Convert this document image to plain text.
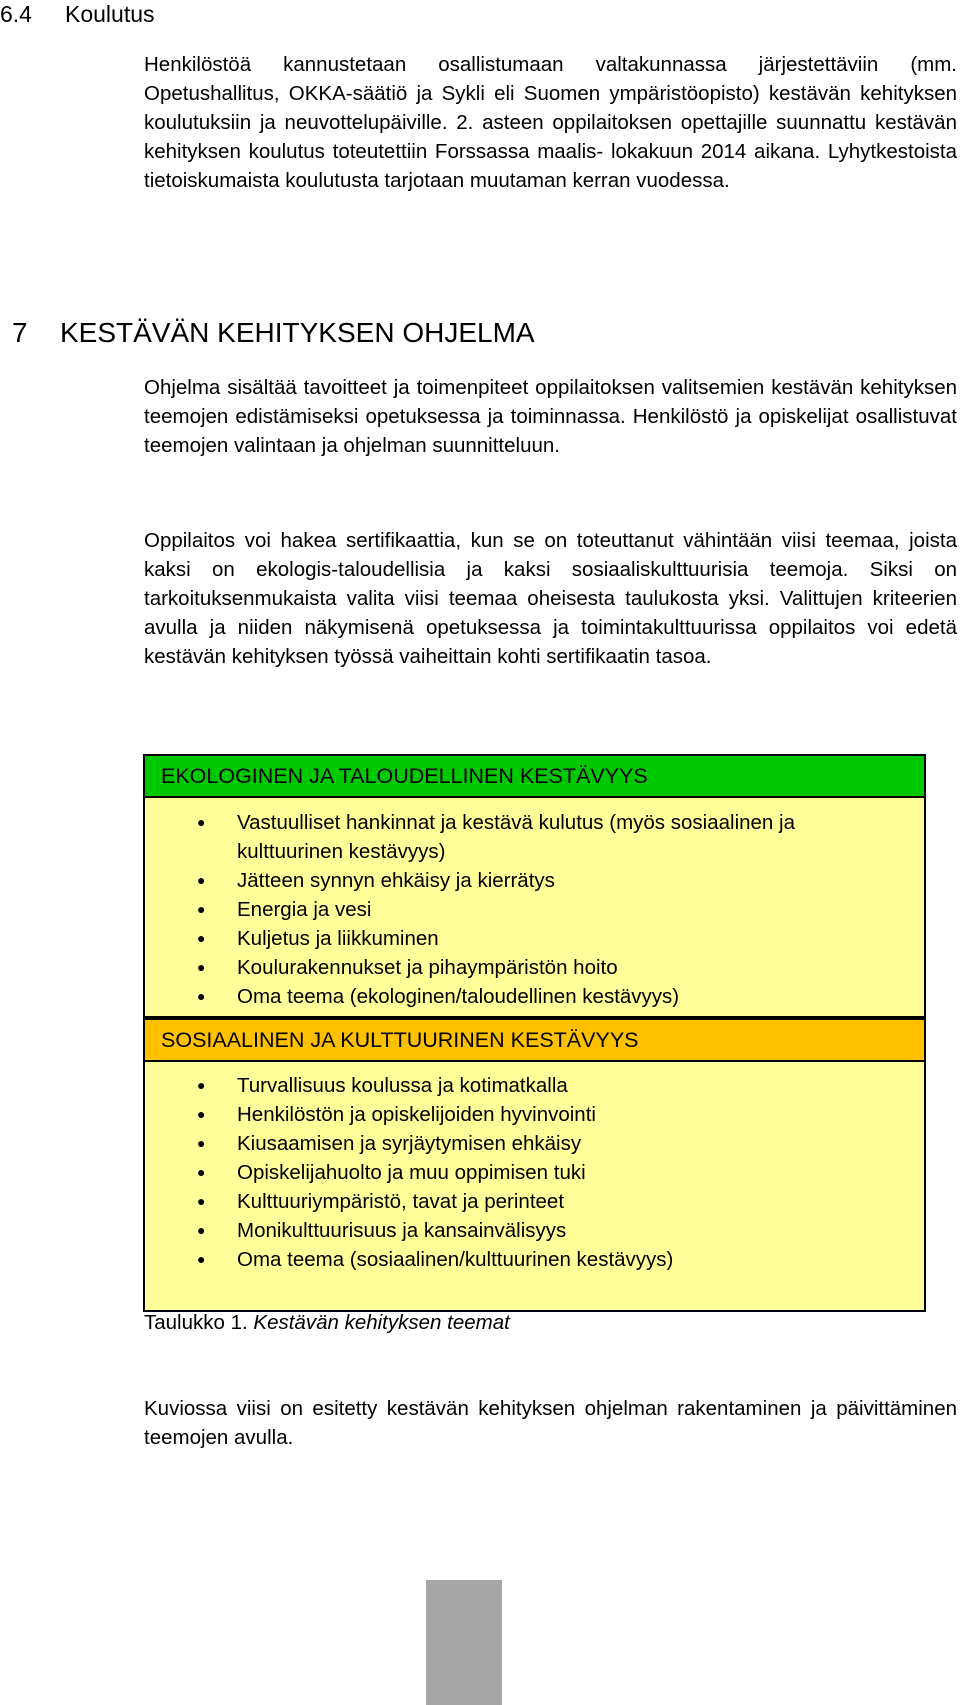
6.4 Koulutus

Henkilöstöä kannustetaan osallistumaan valtakunnassa järjestettäviin (mm. Opetushallitus, OKKA-säätiö ja Sykli eli Suomen ympäristöopisto) kestävän kehityksen koulutuksiin ja neuvottelupäiville. 2. asteen oppilaitoksen opettajille suunnattu kestävän kehityksen koulutus toteutettiin Forssassa maalis- lokakuun 2014 aikana. Lyhytkestoista tietoiskumaista koulutusta tarjotaan muutaman kerran vuodessa.

7 KESTÄVÄN KEHITYKSEN OHJELMA

Ohjelma sisältää tavoitteet ja toimenpiteet oppilaitoksen valitsemien kestävän kehityksen teemojen edistämiseksi opetuksessa ja toiminnassa. Henkilöstö ja opiskelijat osallistuvat teemojen valintaan ja ohjelman suunnitteluun.

Oppilaitos voi hakea sertifikaattia, kun se on toteuttanut vähintään viisi teemaa, joista kaksi on ekologis-taloudellisia ja kaksi sosiaaliskulttuurisia teemoja. Siksi on tarkoituksenmukaista valita viisi teemaa oheisesta taulukosta yksi. Valittujen kriteerien avulla ja niiden näkymisenä opetuksessa ja toimintakulttuurissa oppilaitos voi edetä kestävän kehityksen työssä vaiheittain kohti sertifikaatin tasoa.

EKOLOGINEN JA TALOUDELLINEN KESTÄVYYS
● Vastuulliset hankinnat ja kestävä kulutus (myös sosiaalinen ja kulttuurinen kestävyys)
● Jätteen synnyn ehkäisy ja kierrätys
● Energia ja vesi
● Kuljetus ja liikkuminen
● Koulurakennukset ja pihaympäristön hoito
● Oma teema (ekologinen/taloudellinen kestävyys)
SOSIAALINEN JA KULTTUURINEN KESTÄVYYS
● Turvallisuus koulussa ja kotimatkalla
● Henkilöstön ja opiskelijoiden hyvinvointi
● Kiusaamisen ja syrjäytymisen ehkäisy
● Opiskelijahuolto ja muu oppimisen tuki
● Kulttuuriympäristö, tavat ja perinteet
● Monikulttuurisuus ja kansainvälisyys
● Oma teema (sosiaalinen/kulttuurinen kestävyys)
Taulukko 1. Kestävän kehityksen teemat

Kuviossa viisi on esitetty kestävän kehityksen ohjelman rakentaminen ja päivittäminen teemojen avulla.
